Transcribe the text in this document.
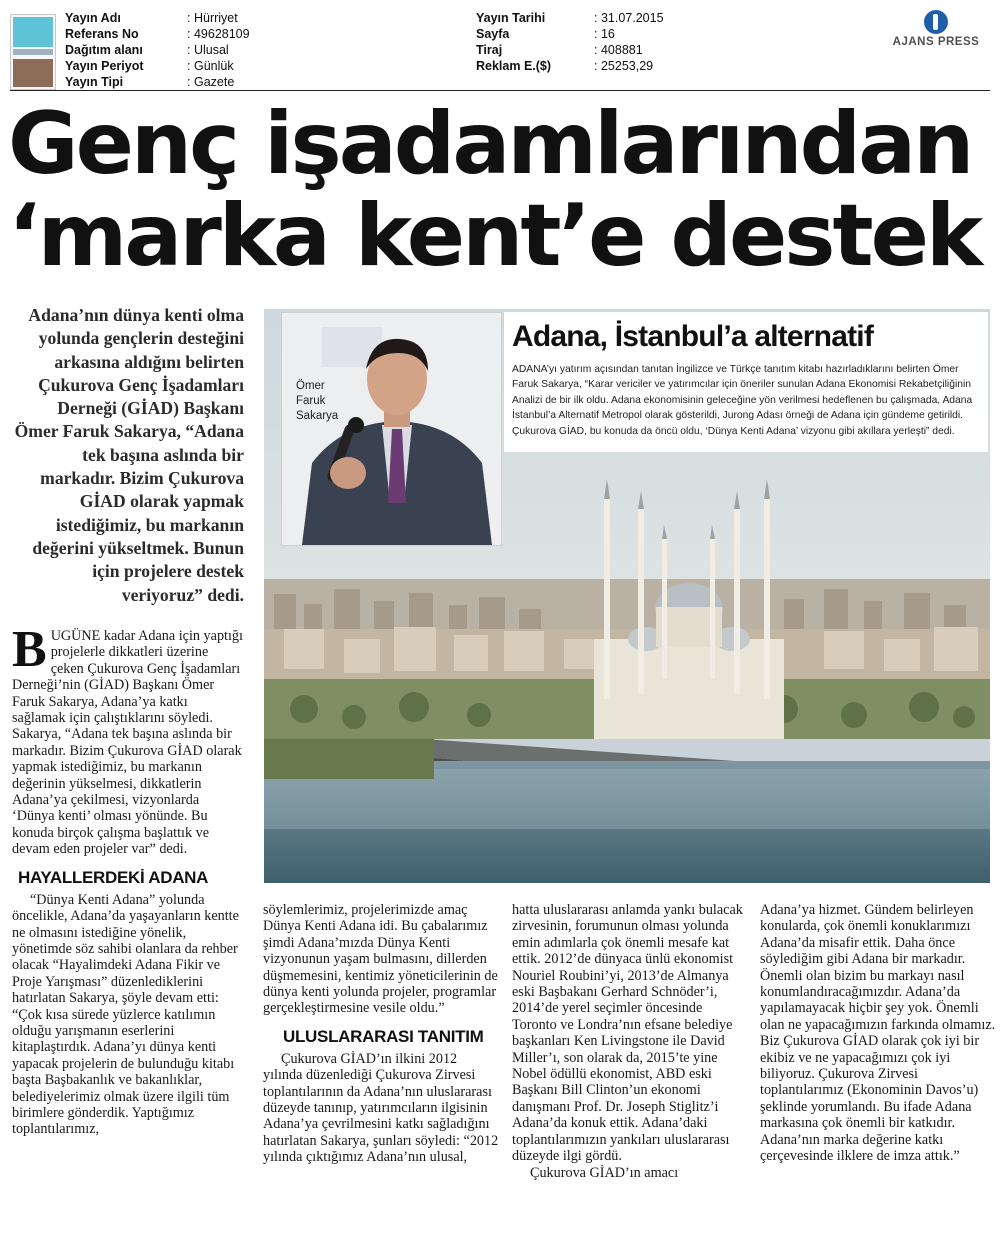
Yayın Adı	: Hürriyet
Referans No	: 49628109
Dağıtım alanı	: Ulusal
Yayın Periyot	: Günlük
Yayın Tipi	: Gazete
Yayın Tarihi	: 31.07.2015
Sayfa	: 16
Tiraj	: 408881
Reklam E.($)	: 25253,29
AJANS PRESS
Genç işadamlarından
‘marka kent’e destek
Adana’nın dünya kenti olma yolunda gençlerin desteğini arkasına aldığını belirten Çukurova Genç İşadamları Derneği (GİAD) Başkanı Ömer Faruk Sakarya, “Adana tek başına aslında bir markadır. Bizim Çukurova GİAD olarak yapmak istediğimiz, bu markanın değerini yükseltmek. Bunun için projelere destek veriyoruz” dedi.
BUGÜNE kadar Adana için yaptığı projelerle dikkatleri üzerine çeken Çukurova Genç İşadamları Derneği’nin (GİAD) Başkanı Ömer Faruk Sakarya, Adana’ya katkı sağlamak için çalıştıklarını söyledi. Sakarya, “Adana tek başına aslında bir markadır. Bizim Çukurova GİAD olarak yapmak istediğimiz, bu markanın değerinin yükselmesi, dikkatlerin Adana’ya çekilmesi, vizyonlarda ‘Dünya kenti’ olması yönünde. Bu konuda birçok çalışma başlattık ve devam eden projeler var” dedi.
HAYALLERDEKİ ADANA
“Dünya Kenti Adana” yolunda öncelikle, Adana’da yaşayanların kentte ne olmasını istediğine yönelik, yönetimde söz sahibi olanlara da rehber olacak “Hayalimdeki Adana Fikir ve Proje Yarışması” düzenlediklerini hatırlatan Sakarya, şöyle devam etti: “Çok kısa sürede yüzlerce katılımın olduğu yarışmanın eserlerini kitaplaştırdık. Adana’yı dünya kenti yapacak projelerin de bulunduğu kitabı başta Başbakanlık ve bakanlıklar, belediyelerimiz olmak üzere ilgili tüm birimlere gönderdik. Yaptığımız toplantılarımız,
Ömer
Faruk
Sakarya
Adana, İstanbul’a alternatif
ADANA’yı yatırım açısından tanıtan İngilizce ve Türkçe tanıtım kitabı hazırladıklarını belirten Ömer Faruk Sakarya, “Karar vericiler ve yatırımcılar için öneriler sunulan Adana Ekonomisi Rekabetçiliğinin Analizi de bir ilk oldu. Adana ekonomisinin geleceğine yön verilmesi hedeflenen bu çalışmada, Adana İstanbul’a Alternatif Metropol olarak gösterildi, Jurong Adası örneği de Adana için gündeme getirildi. Çukurova GİAD, bu konuda da öncü oldu, ‘Dünya Kenti Adana’ vizyonu gibi akıllara yerleşti” dedi.
söylemlerimiz, projelerimizde amaç Dünya Kenti Adana idi. Bu çabalarımız şimdi Adana’mızda Dünya Kenti vizyonunun yaşam bulmasını, dillerden düşmemesini, kentimiz yöneticilerinin de dünya kenti yolunda projeler, programlar gerçekleştirmesine vesile oldu.”
ULUSLARARASI TANITIM
Çukurova GİAD’ın ilkini 2012 yılında düzenlediği Çukurova Zirvesi toplantılarının da Adana’nın uluslararası düzeyde tanınıp, yatırımcıların ilgisinin Adana’ya çevrilmesini katkı sağladığını hatırlatan Sakarya, şunları söyledi: “2012 yılında çıktığımız Adana’nın ulusal,
hatta uluslararası anlamda yankı bulacak zirvesinin, forumunun olması yolunda emin adımlarla çok önemli mesafe kat ettik. 2012’de dünyaca ünlü ekonomist Nouriel Roubini’yi, 2013’de Almanya eski Başbakanı Gerhard Schnöder’i, 2014’de yerel seçimler öncesinde Toronto ve Londra’nın efsane belediye başkanları Ken Livingstone ile David Miller’ı, son olarak da, 2015’te yine Nobel ödüllü ekonomist, ABD eski Başkanı Bill Clinton’un ekonomi danışmanı Prof. Dr. Joseph Stiglitz’i Adana’da konuk ettik. Adana’daki toplantılarımızın yankıları uluslararası düzeyde ilgi gördü.
Çukurova GİAD’ın amacı
Adana’ya hizmet. Gündem belirleyen konularda, çok önemli konuklarımızı Adana’da misafir ettik. Daha önce söylediğim gibi Adana bir markadır. Önemli olan bizim bu markayı nasıl konumlandıracağımızdır. Adana’da yapılamayacak hiçbir şey yok. Önemli olan ne yapacağımızın farkında olmamız. Biz Çukurova GİAD olarak çok iyi bir ekibiz ve ne yapacağımızı çok iyi biliyoruz. Çukurova Zirvesi toplantılarımız (Ekonominin Davos’u) şeklinde yorumlandı. Bu ifade Adana markasına çok önemli bir katkıdır. Adana’nın marka değerine katkı çerçevesinde ilklere de imza attık.”
